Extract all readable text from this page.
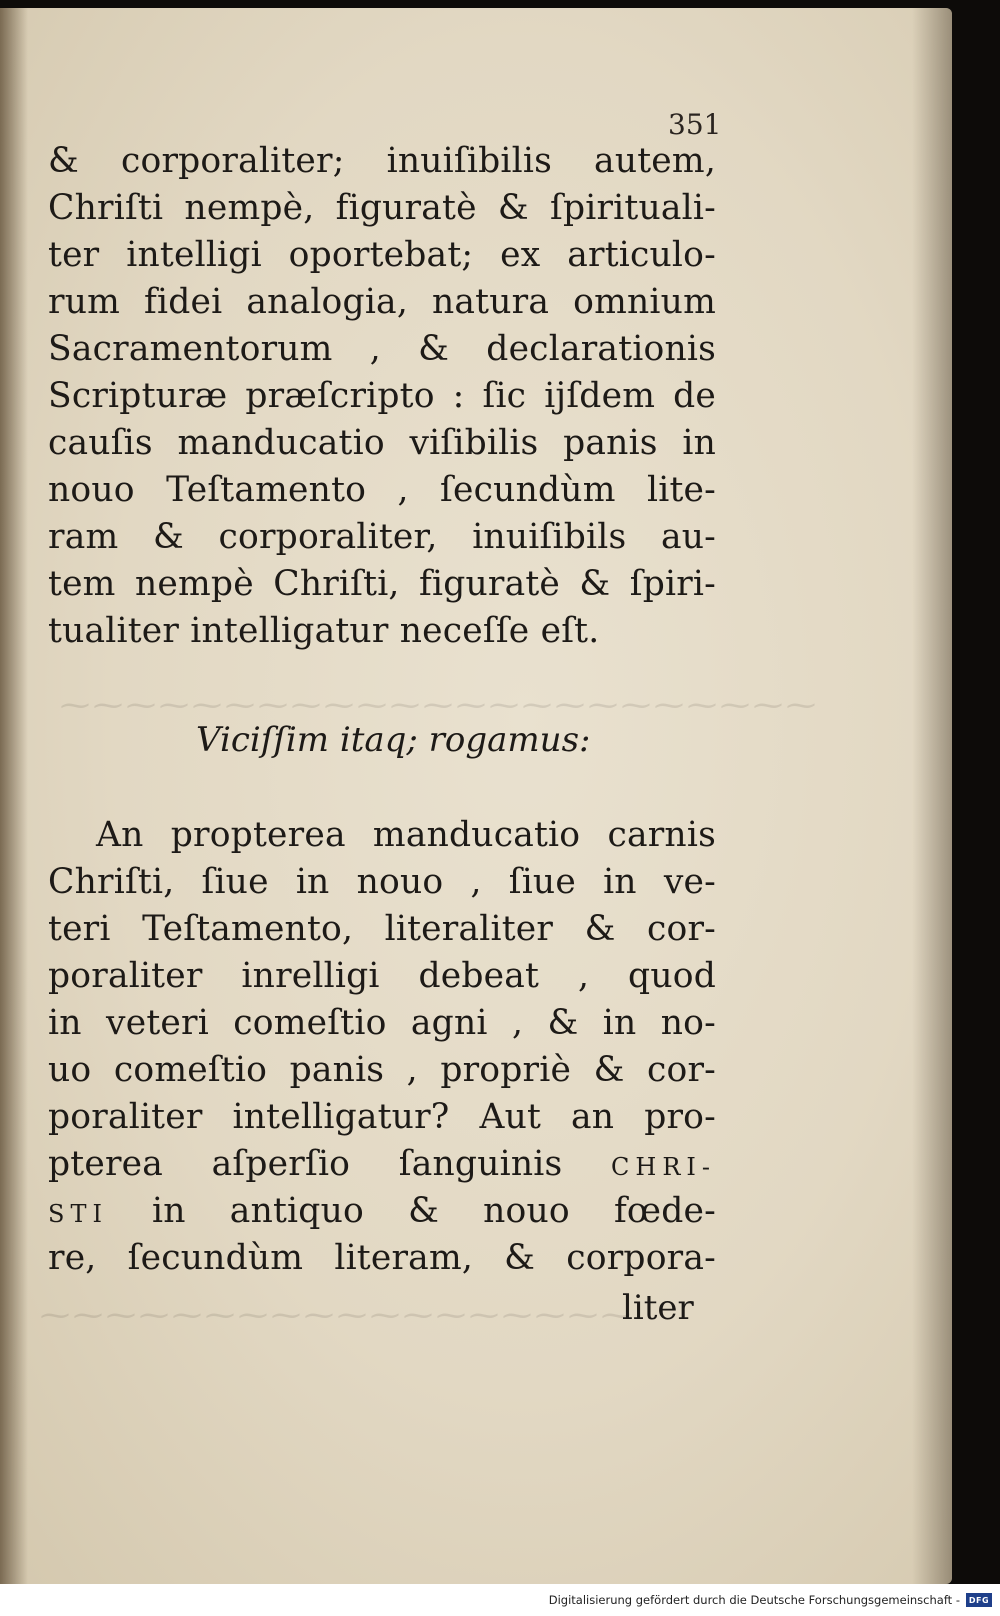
⁓⁓⁓⁓⁓⁓⁓⁓⁓⁓⁓⁓⁓⁓⁓⁓⁓⁓⁓⁓⁓⁓⁓
⁓⁓⁓⁓⁓⁓⁓⁓⁓⁓⁓⁓⁓⁓⁓⁓⁓⁓
351
& corporaliter; inuiſibilis autem,
Chriſti nempè, figuratè & ſpirituali-
ter intelligi oportebat; ex articulo-
rum fidei analogia, natura omnium
Sacramentorum , & declarationis
Scripturæ præſcripto : ſic ijſdem de
cauſis manducatio viſibilis panis in
nouo Teſtamento , ſecundùm lite-
ram & corporaliter, inuiſibils au-
tem nempè Chriſti, figuratè & ſpiri-
tualiter intelligatur neceſſe eſt.
Viciſſim itaq; rogamus:
An propterea manducatio carnis
Chriſti, ſiue in nouo , ſiue in ve-
teri Teſtamento, literaliter & cor-
poraliter inrelligi debeat , quod
in veteri comeſtio agni , & in no-
uo comeſtio panis , propriè & cor-
poraliter intelligatur? Aut an pro-
pterea aſperſio ſanguinis CHRI-
STI in antiquo & nouo fœde-
re, ſecundùm literam, & corpora-
liter
Digitalisierung gefördert durch die Deutsche Forschungsgemeinschaft -	DFG
